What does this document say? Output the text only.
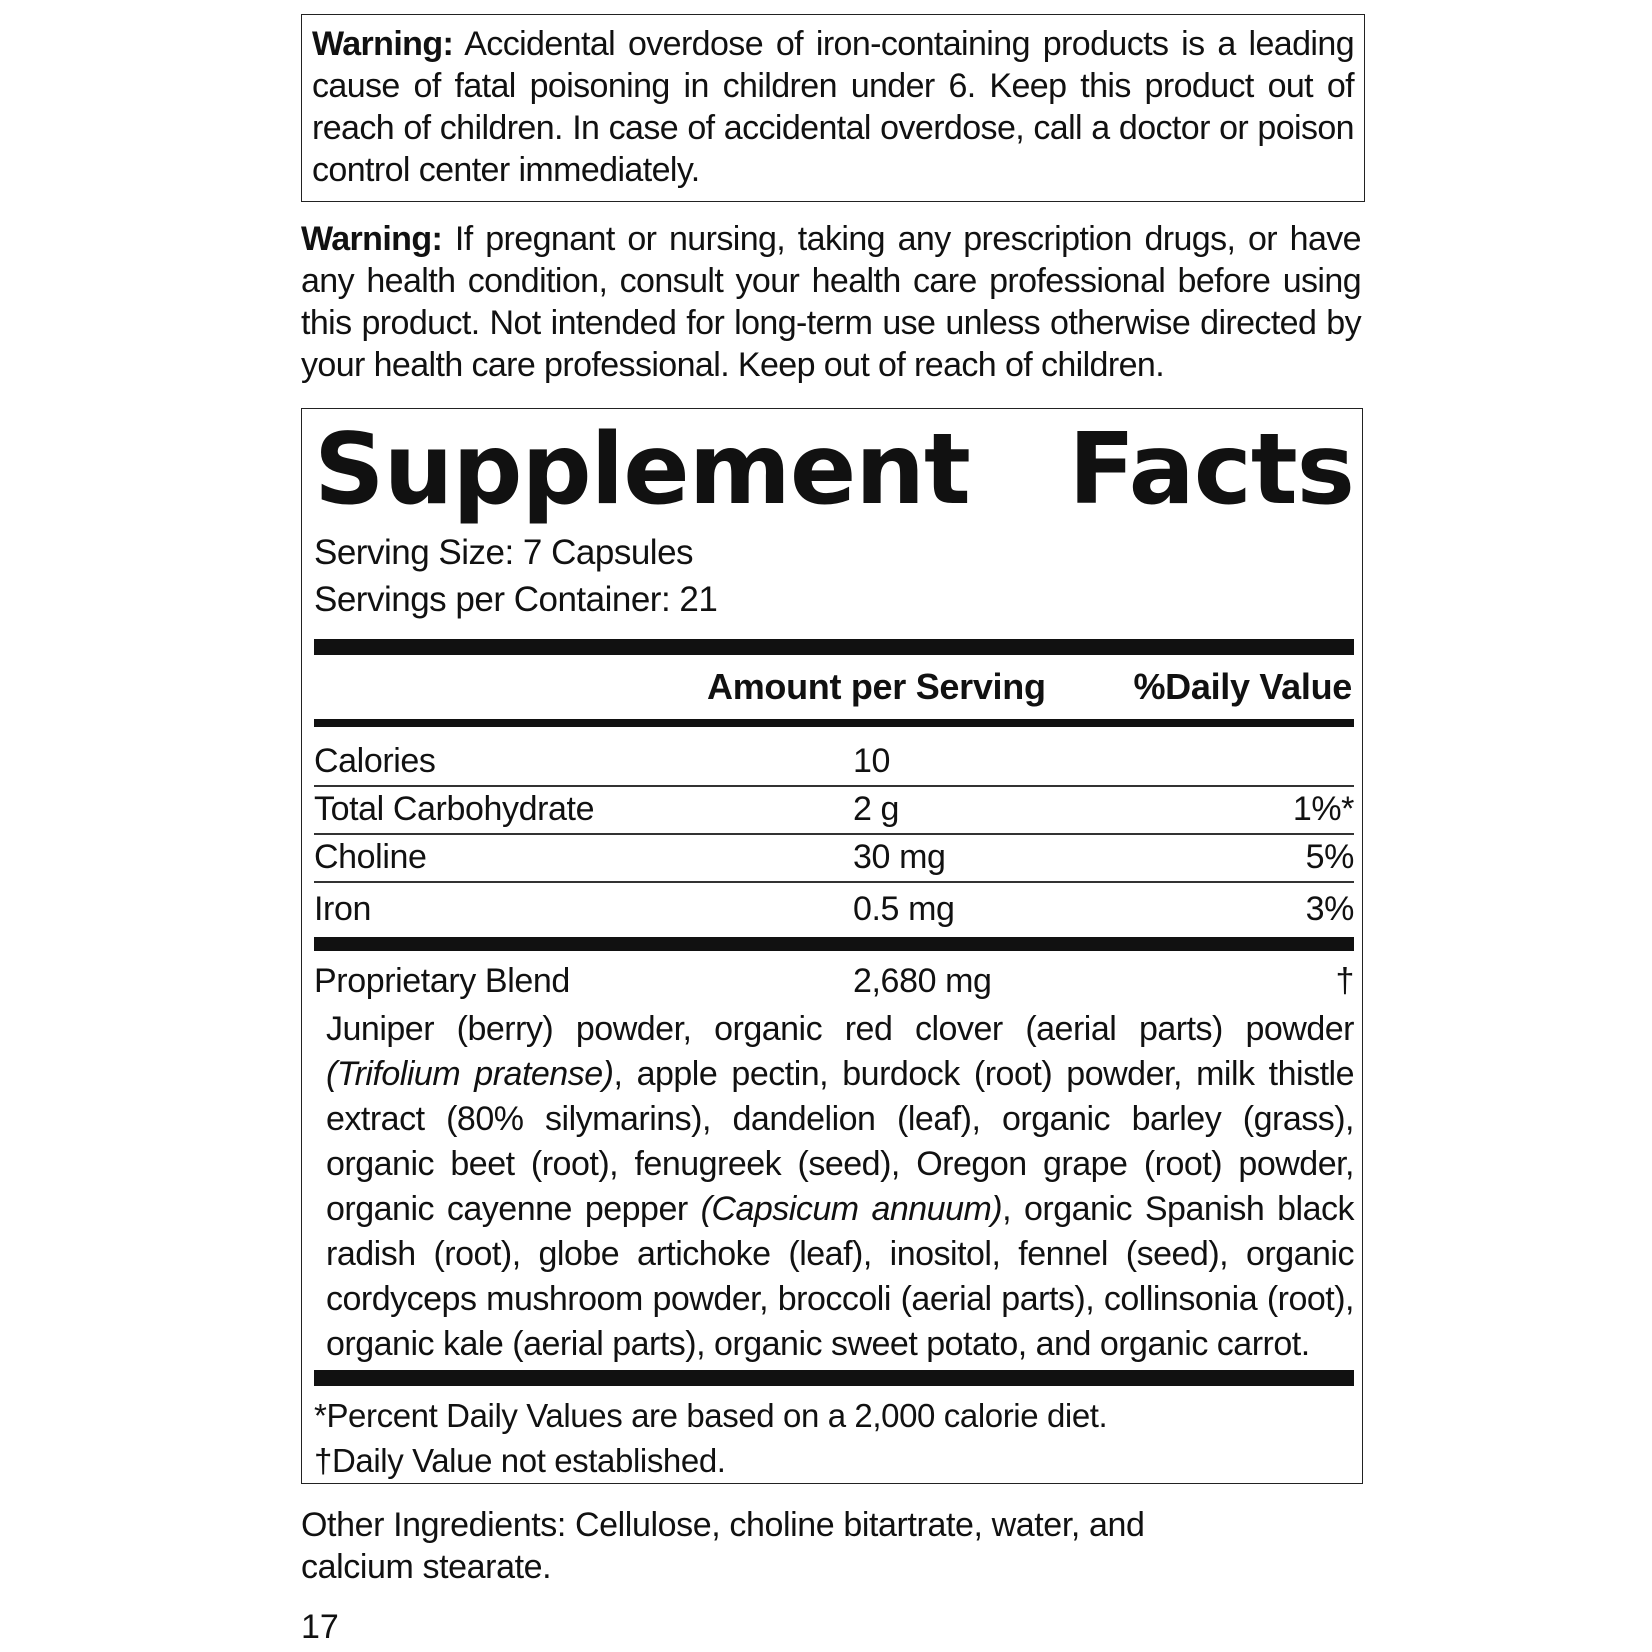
Warning: Accidental overdose of iron-containing products is a leading cause of fatal poisoning in children under 6. Keep this product out of reach of children. In case of accidental overdose, call a doctor or poison control center immediately.
Warning: If pregnant or nursing, taking any prescription drugs, or have any health condition, consult your health care professional before using this product. Not intended for long-term use unless otherwise directed by your health care professional. Keep out of reach of children.
Supplement Facts
Serving Size: 7 Capsules
Servings per Container: 21
Amount per Serving %Daily Value
Calories	10
Total Carbohydrate	2 g	1%*
Choline	30 mg	5%
Iron	0.5 mg	3%
Proprietary Blend	2,680 mg	†
Juniper (berry) powder, organic red clover (aerial parts) powder (Trifolium pratense), apple pectin, burdock (root) powder, milk thistle extract (80% silymarins), dandelion (leaf), organic barley (grass), organic beet (root), fenugreek (seed), Oregon grape (root) powder, organic cayenne pepper (Capsicum annuum), organic Spanish black radish (root), globe artichoke (leaf), inositol, fennel (seed), organic cordyceps mushroom powder, broccoli (aerial parts), collinsonia (root), organic kale (aerial parts), organic sweet potato, and organic carrot.
*Percent Daily Values are based on a 2,000 calorie diet.
†Daily Value not established.
Other Ingredients: Cellulose, choline bitartrate, water, and calcium stearate.
17
